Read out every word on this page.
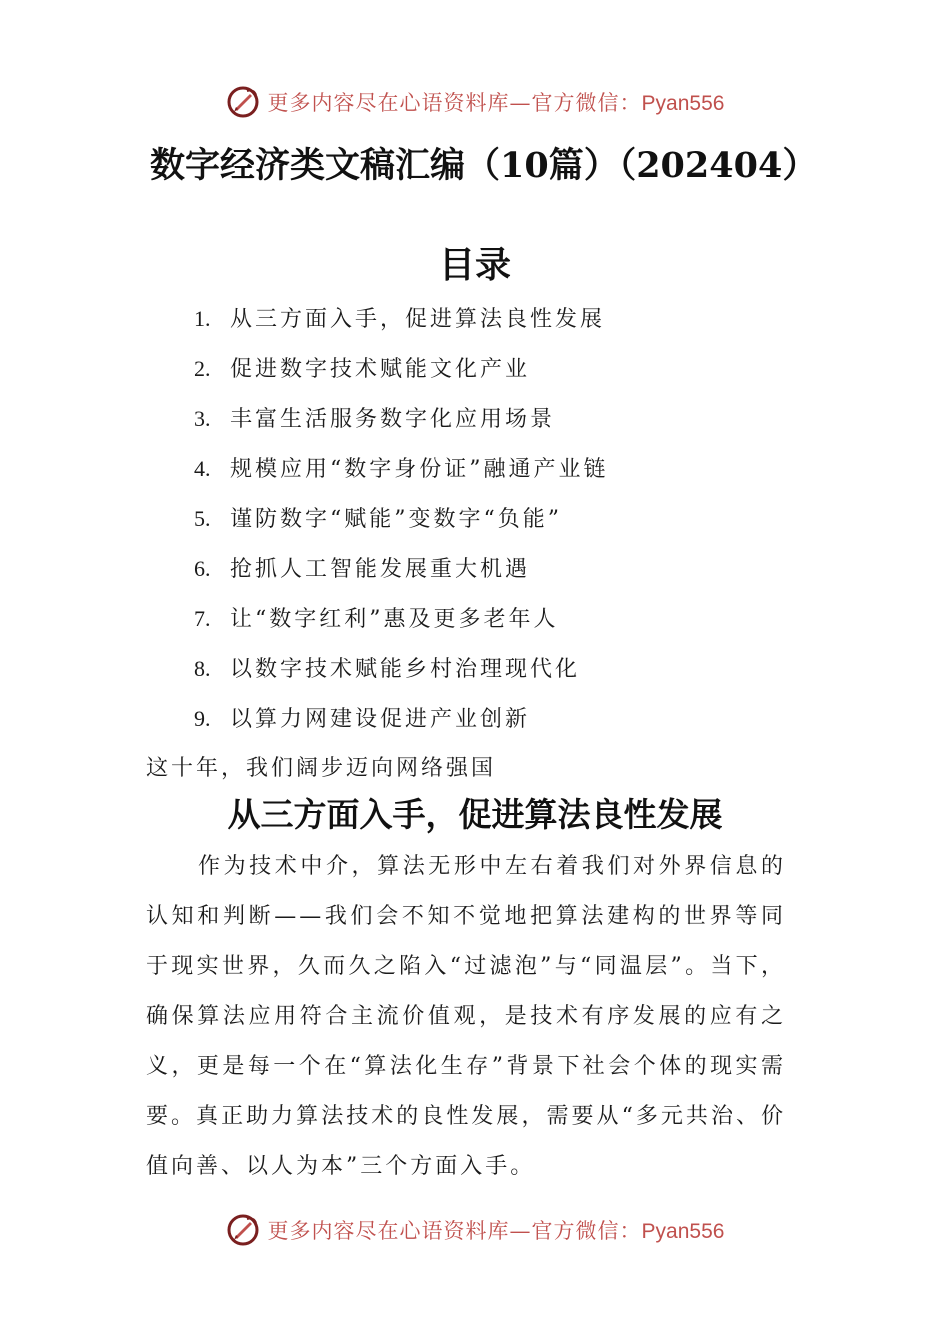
更多内容尽在心语资料库—官方微信：Pyan556
数字经济类文稿汇编（10篇）（202404）
目录
1. 从三方面入手，促进算法良性发展
2. 促进数字技术赋能文化产业
3. 丰富生活服务数字化应用场景
4. 规模应用“数字身份证”融通产业链
5. 谨防数字“赋能”变数字“负能”
6. 抢抓人工智能发展重大机遇
7. 让“数字红利”惠及更多老年人
8. 以数字技术赋能乡村治理现代化
9. 以算力网建设促进产业创新
这十年，我们阔步迈向网络强国
从三方面入手，促进算法良性发展

作为技术中介，算法无形中左右着我们对外界信息的认知和判断——我们会不知不觉地把算法建构的世界等同于现实世界，久而久之陷入“过滤泡”与“同温层”。当下，确保算法应用符合主流价值观，是技术有序发展的应有之义，更是每一个在“算法化生存”背景下社会个体的现实需要。真正助力算法技术的良性发展，需要从“多元共治、价值向善、以人为本”三个方面入手。

更多内容尽在心语资料库—官方微信：Pyan556
